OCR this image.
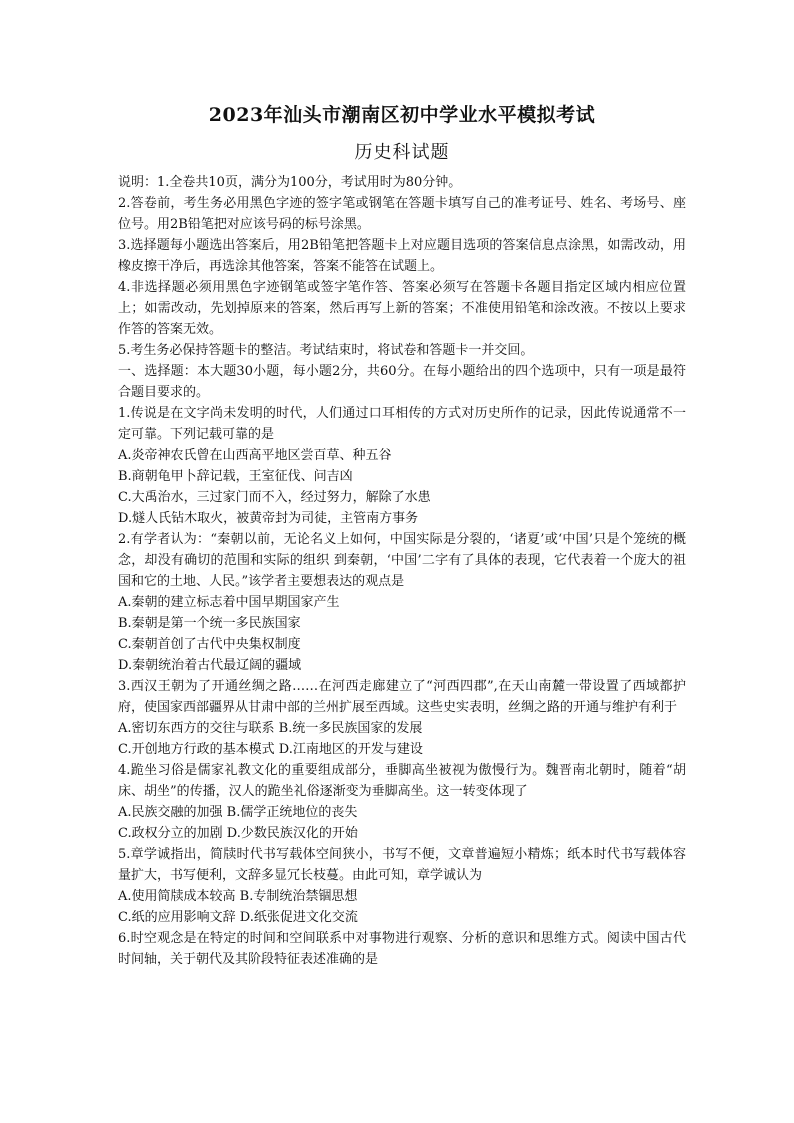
2023年汕头市潮南区初中学业水平模拟考试
历史科试题

说明：1.全卷共10页，满分为100分，考试用时为80分钟。

2.答卷前，考生务必用黑色字迹的签字笔或钢笔在答题卡填写自己的准考证号、姓名、考场号、座位号。用2B铅笔把对应该号码的标号涂黑。

3.选择题每小题选出答案后，用2B铅笔把答题卡上对应题目选项的答案信息点涂黑，如需改动，用橡皮擦干净后，再选涂其他答案，答案不能答在试题上。

4.非选择题必须用黑色字迹钢笔或签字笔作答、答案必须写在答题卡各题目指定区域内相应位置上；如需改动，先划掉原来的答案，然后再写上新的答案；不准使用铅笔和涂改液。不按以上要求作答的答案无效。

5.考生务必保持答题卡的整洁。考试结束时，将试卷和答题卡一并交回。

一、选择题：本大题30小题，每小题2分，共60分。在每小题给出的四个选项中，只有一项是最符合题目要求的。

1.传说是在文字尚未发明的时代，人们通过口耳相传的方式对历史所作的记录，因此传说通常不一定可靠。下列记载可靠的是

A.炎帝神农氏曾在山西高平地区尝百草、种五谷

B.商朝龟甲卜辞记载，王室征伐、问吉凶

C.大禹治水，三过家门而不入，经过努力，解除了水患

D.燧人氏钻木取火，被黄帝封为司徒，主管南方事务

2.有学者认为：“秦朝以前，无论名义上如何，中国实际是分裂的，‘诸夏’或‘中国’只是个笼统的概念，却没有确切的范围和实际的组织 到秦朝，‘中国’二字有了具体的表现，它代表着一个庞大的祖国和它的土地、人民。”该学者主要想表达的观点是

A.秦朝的建立标志着中国早期国家产生

B.秦朝是第一个统一多民族国家

C.秦朝首创了古代中央集权制度

D.秦朝统治着古代最辽阔的疆域

3.西汉王朝为了开通丝绸之路……在河西走廊建立了“河西四郡”,在天山南麓一带设置了西域都护府，使国家西部疆界从甘肃中部的兰州扩展至西域。这些史实表明，丝绸之路的开通与维护有利于

A.密切东西方的交往与联系 B.统一多民族国家的发展

C.开创地方行政的基本模式 D.江南地区的开发与建设

4.跪坐习俗是儒家礼教文化的重要组成部分，垂脚高坐被视为傲慢行为。魏晋南北朝时，随着“胡床、胡坐”的传播，汉人的跪坐礼俗逐渐变为垂脚高坐。这一转变体现了

A.民族交融的加强 B.儒学正统地位的丧失

C.政权分立的加剧 D.少数民族汉化的开始

5.章学诚指出，简牍时代书写载体空间狭小，书写不便，文章普遍短小精炼；纸本时代书写载体容量扩大，书写便利，文辞多显冗长枝蔓。由此可知，章学诚认为

A.使用简牍成本较高 B.专制统治禁锢思想

C.纸的应用影响文辞 D.纸张促进文化交流

6.时空观念是在特定的时间和空间联系中对事物进行观察、分析的意识和思维方式。阅读中国古代时间轴，关于朝代及其阶段特征表述准确的是
